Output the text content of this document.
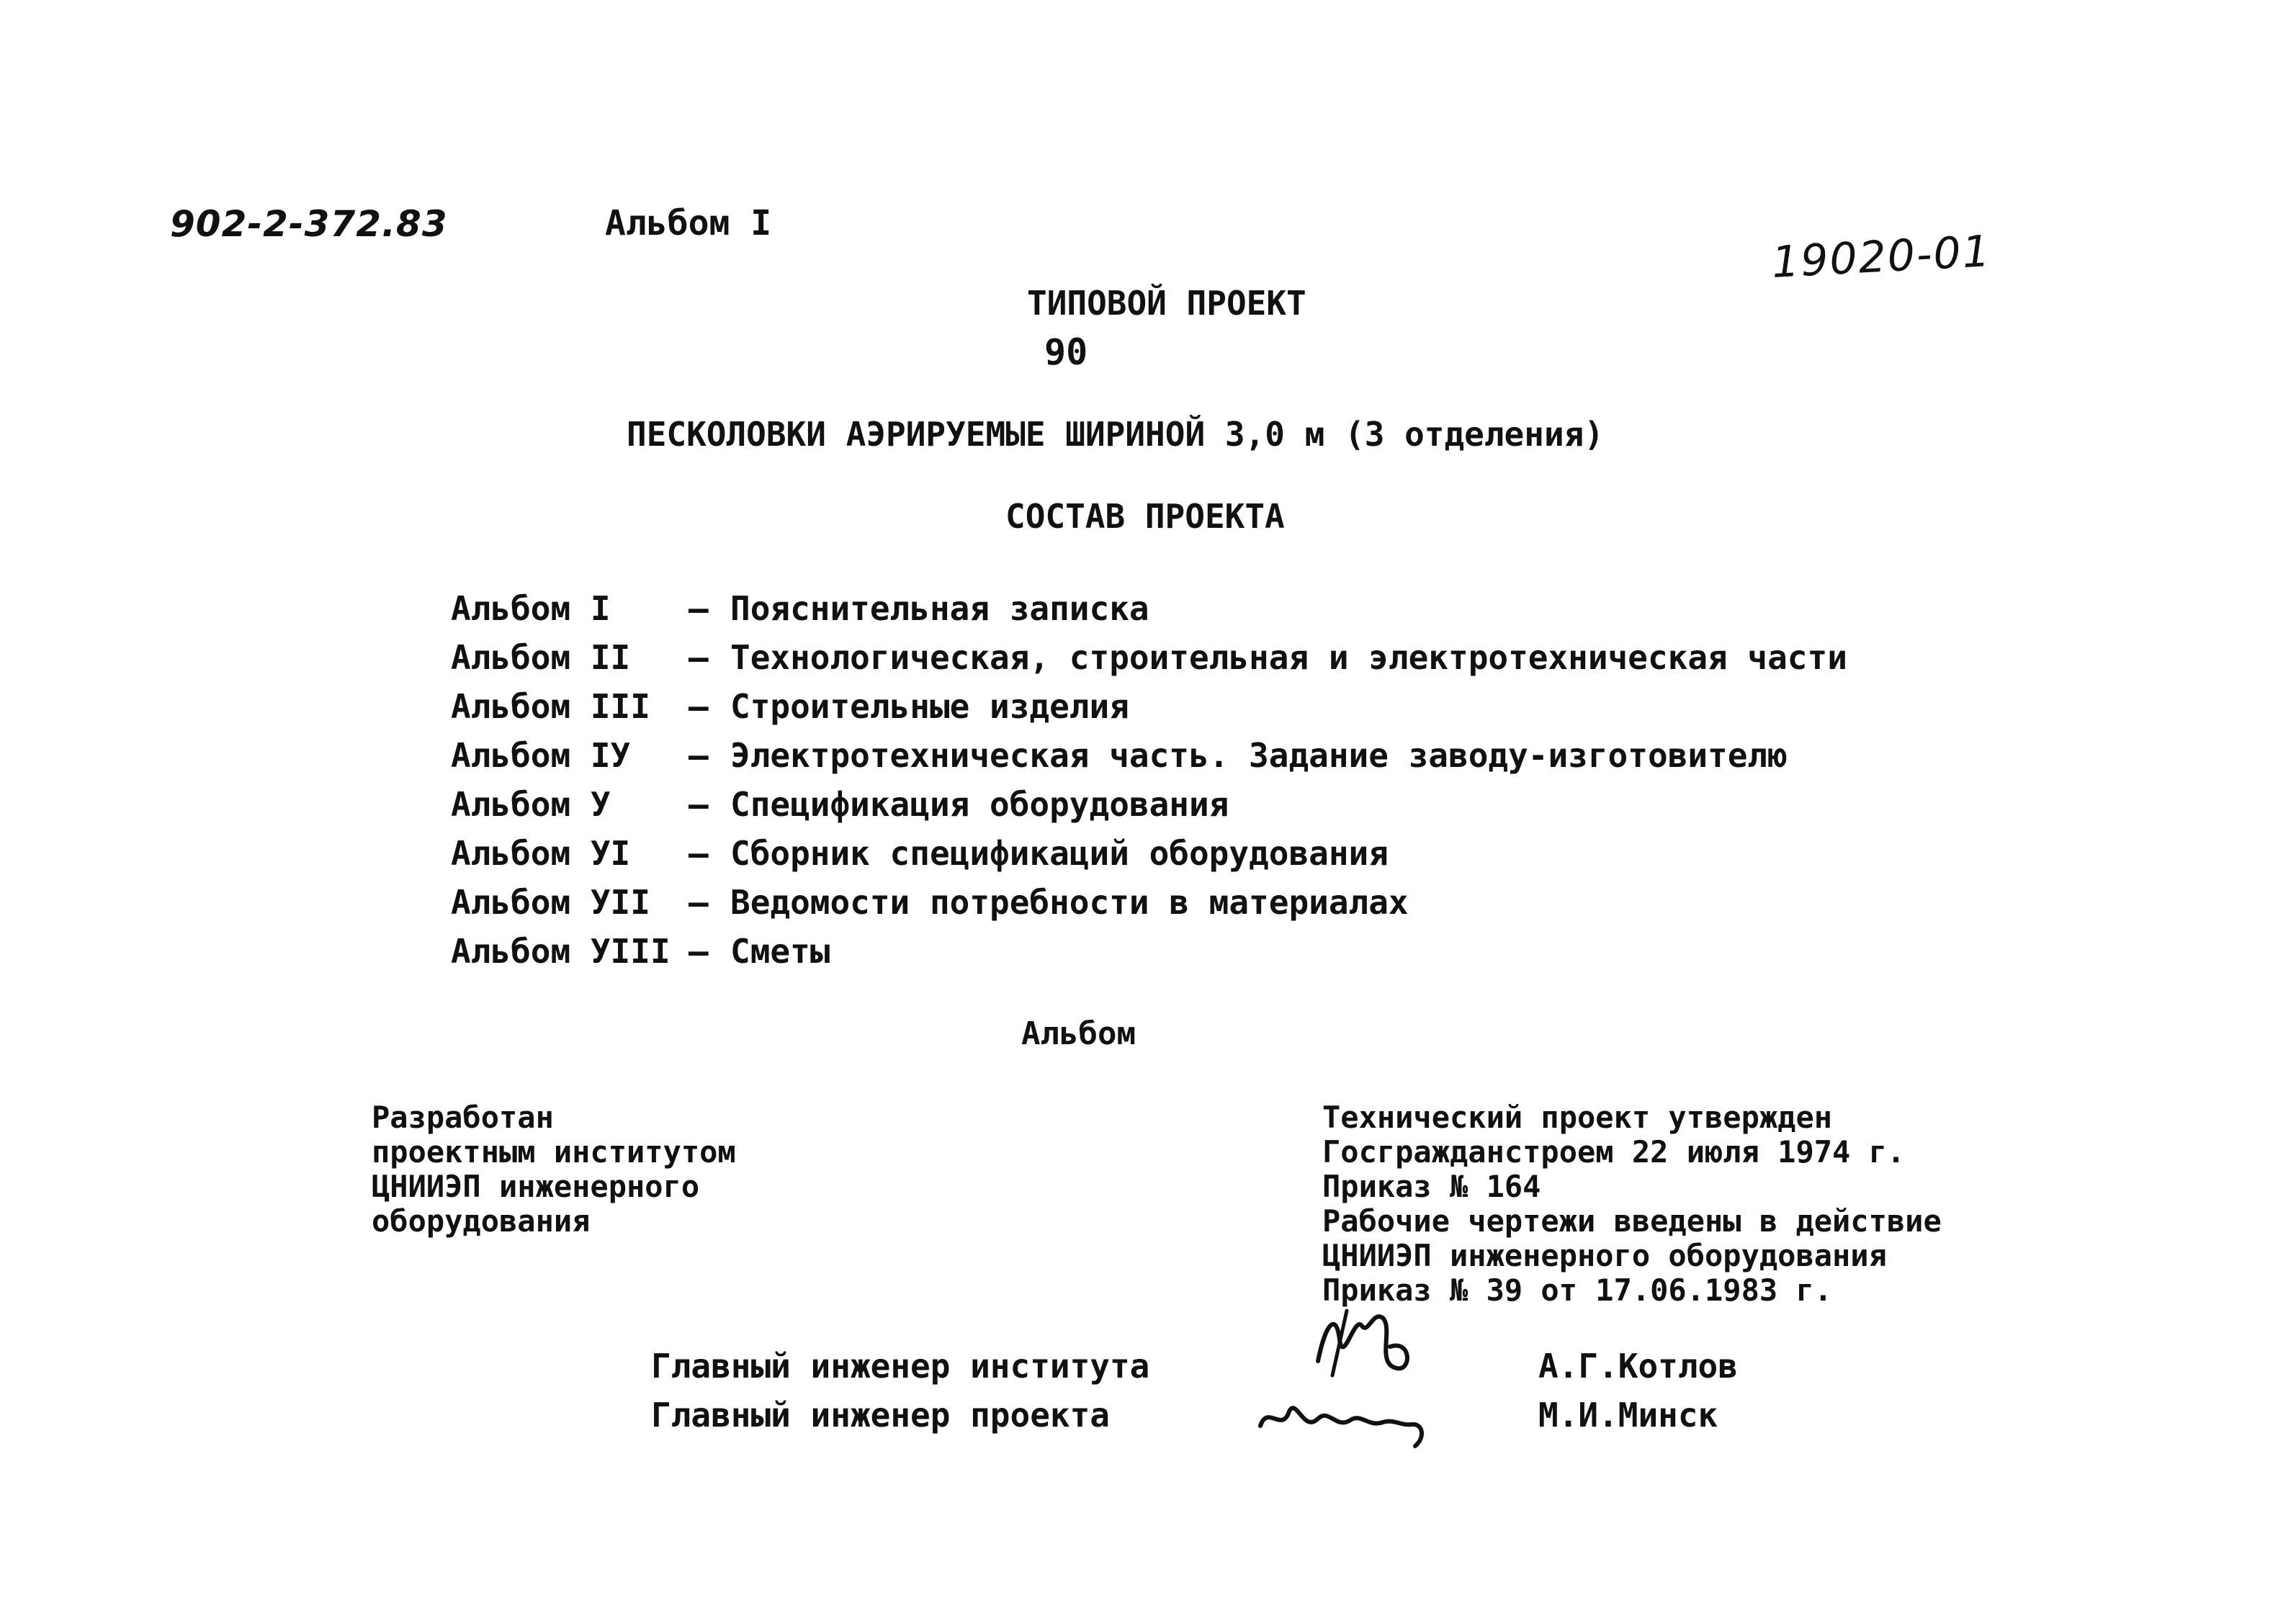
902-2-372.83	Альбом I
19020-01
ТИПОВОЙ ПРОЕКТ
90
ПЕСКОЛОВКИ АЭРИРУЕМЫЕ ШИРИНОЙ 3,0 м (3 отделения)
СОСТАВ ПРОЕКТА
Альбом I – Пояснительная записка
Альбом II – Технологическая, строительная и электротехническая части
Альбом III – Строительные изделия
Альбом IУ – Электротехническая часть. Задание заводу-изготовителю
Альбом У – Спецификация оборудования
Альбом УI – Сборник спецификаций оборудования
Альбом УII – Ведомости потребности в материалах
Альбом УIII – Сметы
Альбом
Разработан
проектным институтом
ЦНИИЭП инженерного
оборудования
Технический проект утвержден
Госгражданстроем 22 июля 1974 г.
Приказ № 164
Рабочие чертежи введены в действие
ЦНИИЭП инженерного оборудования
Приказ № 39 от 17.06.1983 г.
Главный инженер института	А.Г.Котлов
Главный инженер проекта	М.И.Минск
